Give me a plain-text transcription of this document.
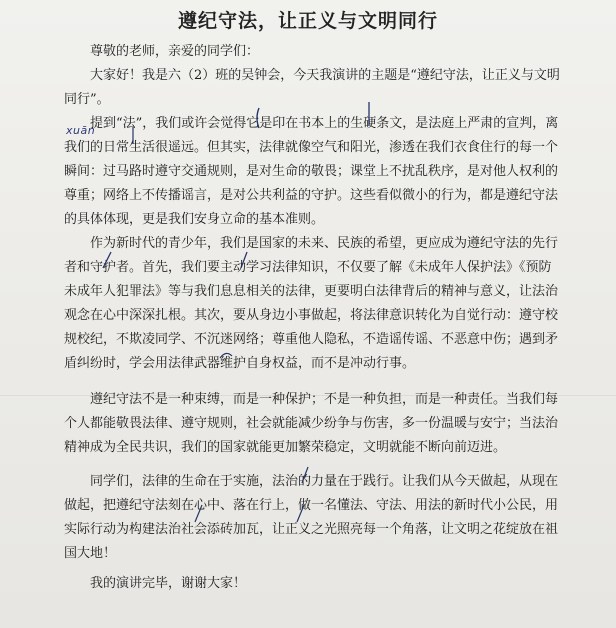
遵纪守法，让正义与文明同行

尊敬的老师，亲爱的同学们：

大家好！我是六（2）班的吴钟会，今天我演讲的主题是“遵纪守法，让正义与文明同行”。

提到“法”，我们或许会觉得它是印在书本上的生硬条文，是法庭上严肃的宣判，离我们的日常生活很遥远。但其实，法律就像空气和阳光，渗透在我们衣食住行的每一个瞬间：过马路时遵守交通规则，是对生命的敬畏；课堂上不扰乱秩序，是对他人权利的尊重；网络上不传播谣言，是对公共利益的守护。这些看似微小的行为，都是遵纪守法的具体体现，更是我们安身立命的基本准则。

作为新时代的青少年，我们是国家的未来、民族的希望，更应成为遵纪守法的先行者和守护者。首先，我们要主动学习法律知识，不仅要了解《未成年人保护法》《预防未成年人犯罪法》等与我们息息相关的法律，更要明白法律背后的精神与意义，让法治观念在心中深深扎根。其次，要从身边小事做起，将法律意识转化为自觉行动：遵守校规校纪，不欺凌同学、不沉迷网络；尊重他人隐私，不造谣传谣、不恶意中伤；遇到矛盾纠纷时，学会用法律武器维护自身权益，而不是冲动行事。

遵纪守法不是一种束缚，而是一种保护；不是一种负担，而是一种责任。当我们每个人都能敬畏法律、遵守规则，社会就能减少纷争与伤害，多一份温暖与安宁；当法治精神成为全民共识，我们的国家就能更加繁荣稳定，文明就能不断向前迈进。

同学们，法律的生命在于实施，法治的力量在于践行。让我们从今天做起，从现在做起，把遵纪守法刻在心中、落在行上，做一名懂法、守法、用法的新时代小公民，用实际行动为构建法治社会添砖加瓦，让正义之光照亮每一个角落，让文明之花绽放在祖国大地！

我的演讲完毕，谢谢大家！

xuān
